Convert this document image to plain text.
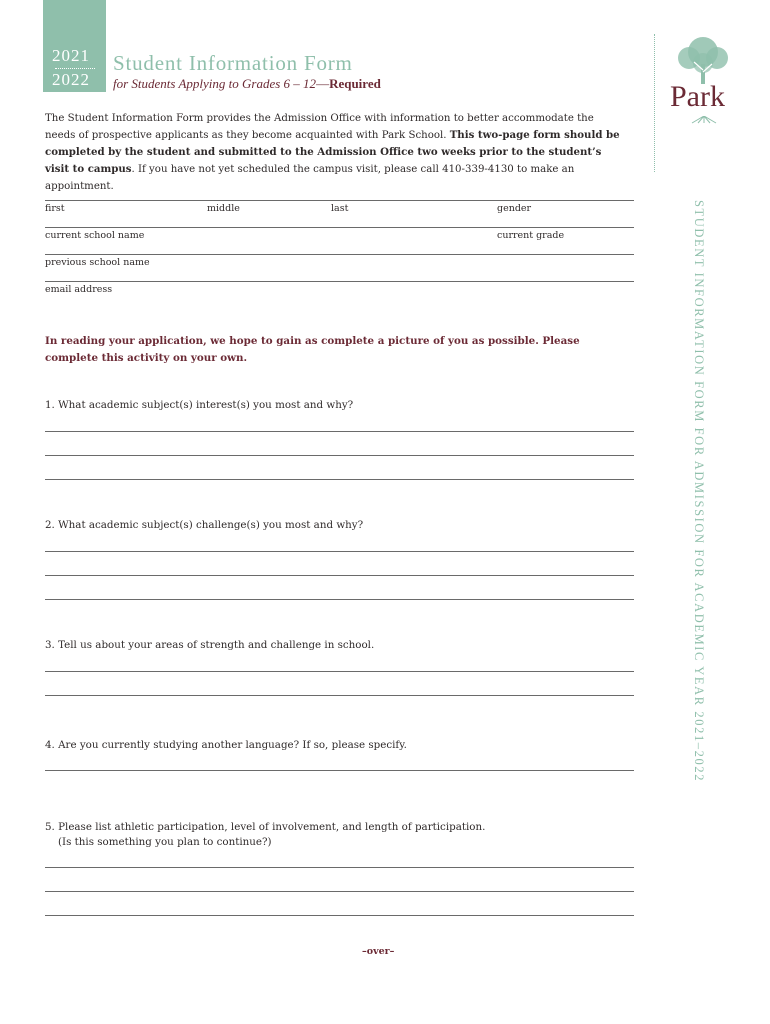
2021
2022
Student Information Form
for Students Applying to Grades 6 – 12—Required	Park
STUDENT INFORMATION FORM FOR ADMISSION FOR ACADEMIC YEAR 2021–2022
The Student Information Form provides the Admission Office with information to better accommodate the needs of prospective applicants as they become acquainted with Park School. This two-page form should be completed by the student and submitted to the Admission Office two weeks prior to the student’s visit to campus. If you have not yet scheduled the campus visit, please call 410-339-4130 to make an appointment.
first	middle	last	gender
current school name	current grade
previous school name
email address
In reading your application, we hope to gain as complete a picture of you as possible. Please complete this activity on your own.
1. What academic subject(s) interest(s) you most and why?
2. What academic subject(s) challenge(s) you most and why?
3. Tell us about your areas of strength and challenge in school.
4. Are you currently studying another language? If so, please specify.
5. Please list athletic participation, level of involvement, and length of participation.
(Is this something you plan to continue?)
–over–
